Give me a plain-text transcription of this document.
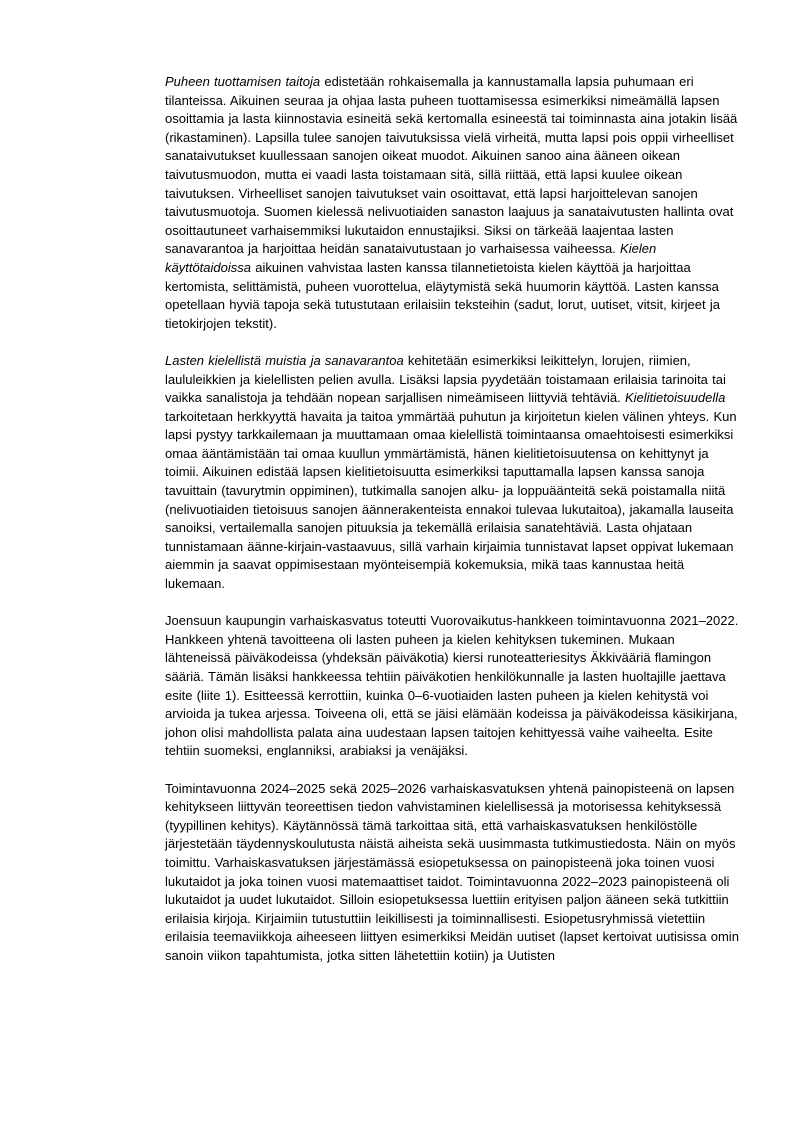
Puheen tuottamisen taitoja edistetään rohkaisemalla ja kannustamalla lapsia puhumaan eri tilanteissa. Aikuinen seuraa ja ohjaa lasta puheen tuottamisessa esimerkiksi nimeämällä lapsen osoittamia ja lasta kiinnostavia esineitä sekä kertomalla esineestä tai toiminnasta aina jotakin lisää (rikastaminen). Lapsilla tulee sanojen taivutuksissa vielä virheitä, mutta lapsi pois oppii virheelliset sanataivutukset kuullessaan sanojen oikeat muodot. Aikuinen sanoo aina ääneen oikean taivutusmuodon, mutta ei vaadi lasta toistamaan sitä, sillä riittää, että lapsi kuulee oikean taivutuksen. Virheelliset sanojen taivutukset vain osoittavat, että lapsi harjoittelevan sanojen taivutusmuotoja. Suomen kielessä nelivuotiaiden sanaston laajuus ja sanataivutusten hallinta ovat osoittautuneet varhaisemmiksi lukutaidon ennustajiksi. Siksi on tärkeää laajentaa lasten sanavarantoa ja harjoittaa heidän sanataivutustaan jo varhaisessa vaiheessa. Kielen käyttötaidoissa aikuinen vahvistaa lasten kanssa tilannetietoista kielen käyttöä ja harjoittaa kertomista, selittämistä, puheen vuorottelua, eläytymistä sekä huumorin käyttöä. Lasten kanssa opetellaan hyviä tapoja sekä tutustutaan erilaisiin teksteihin (sadut, lorut, uutiset, vitsit, kirjeet ja tietokirjojen tekstit).

Lasten kielellistä muistia ja sanavarantoa kehitetään esimerkiksi leikittelyn, lorujen, riimien, laululeikkien ja kielellisten pelien avulla. Lisäksi lapsia pyydetään toistamaan erilaisia tarinoita tai vaikka sanalistoja ja tehdään nopean sarjallisen nimeämiseen liittyviä tehtäviä. Kielitietoisuudella tarkoitetaan herkkyyttä havaita ja taitoa ymmärtää puhutun ja kirjoitetun kielen välinen yhteys. Kun lapsi pystyy tarkkailemaan ja muuttamaan omaa kielellistä toimintaansa omaehtoisesti esimerkiksi omaa ääntämistään tai omaa kuullun ymmärtämistä, hänen kielitietoisuutensa on kehittynyt ja toimii. Aikuinen edistää lapsen kielitietoisuutta esimerkiksi taputtamalla lapsen kanssa sanoja tavuittain (tavurytmin oppiminen), tutkimalla sanojen alku- ja loppuäänteitä sekä poistamalla niitä (nelivuotiaiden tietoisuus sanojen äännerakenteista ennakoi tulevaa lukutaitoa), jakamalla lauseita sanoiksi, vertailemalla sanojen pituuksia ja tekemällä erilaisia sanatehtäviä. Lasta ohjataan tunnistamaan äänne-kirjain-vastaavuus, sillä varhain kirjaimia tunnistavat lapset oppivat lukemaan aiemmin ja saavat oppimisestaan myönteisempiä kokemuksia, mikä taas kannustaa heitä lukemaan.

Joensuun kaupungin varhaiskasvatus toteutti Vuorovaikutus-hankkeen toimintavuonna 2021–2022. Hankkeen yhtenä tavoitteena oli lasten puheen ja kielen kehityksen tukeminen. Mukaan lähteneissä päiväkodeissa (yhdeksän päiväkotia) kiersi runoteatteriesitys Äkkivääriä flamingon sääriä. Tämän lisäksi hankkeessa tehtiin päiväkotien henkilökunnalle ja lasten huoltajille jaettava esite (liite 1). Esitteessä kerrottiin, kuinka 0–6-vuotiaiden lasten puheen ja kielen kehitystä voi arvioida ja tukea arjessa. Toiveena oli, että se jäisi elämään kodeissa ja päiväkodeissa käsikirjana, johon olisi mahdollista palata aina uudestaan lapsen taitojen kehittyessä vaihe vaiheelta. Esite tehtiin suomeksi, englanniksi, arabiaksi ja venäjäksi.

Toimintavuonna 2024–2025 sekä 2025–2026 varhaiskasvatuksen yhtenä painopisteenä on lapsen kehitykseen liittyvän teoreettisen tiedon vahvistaminen kielellisessä ja motorisessa kehityksessä (tyypillinen kehitys). Käytännössä tämä tarkoittaa sitä, että varhaiskasvatuksen henkilöstölle järjestetään täydennyskoulutusta näistä aiheista sekä uusimmasta tutkimustiedosta. Näin on myös toimittu. Varhaiskasvatuksen järjestämässä esiopetuksessa on painopisteenä joka toinen vuosi lukutaidot ja joka toinen vuosi matemaattiset taidot. Toimintavuonna 2022–2023 painopisteenä oli lukutaidot ja uudet lukutaidot. Silloin esiopetuksessa luettiin erityisen paljon ääneen sekä tutkittiin erilaisia kirjoja. Kirjaimiin tutustuttiin leikillisesti ja toiminnallisesti. Esiopetusryhmissä vietettiin erilaisia teemaviikkoja aiheeseen liittyen esimerkiksi Meidän uutiset (lapset kertoivat uutisissa omin sanoin viikon tapahtumista, jotka sitten lähetettiin kotiin) ja Uutisten
